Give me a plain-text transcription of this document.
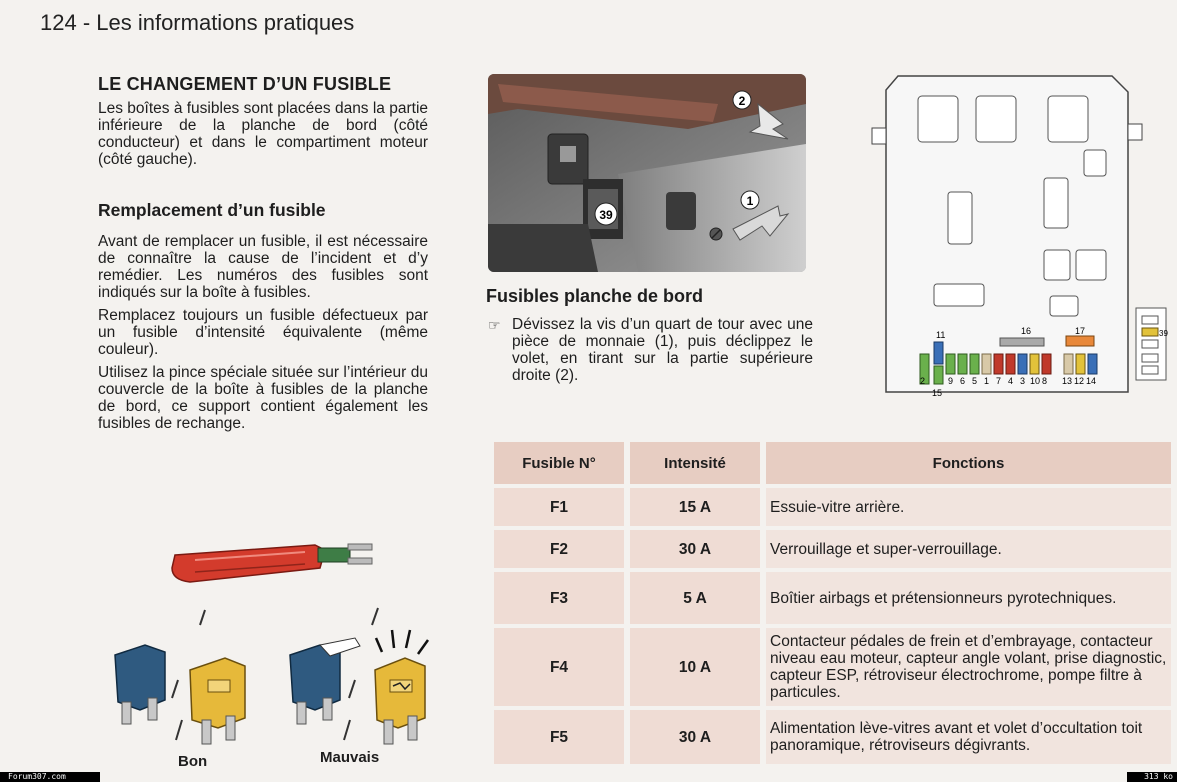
124 - Les informations pratiques
LE CHANGEMENT D’UN FUSIBLE

Les boîtes à fusibles sont placées dans la partie inférieure de la planche de bord (côté conducteur) et dans le compartiment moteur (côté gauche).

Remplacement d’un fusible

Avant de remplacer un fusible, il est nécessaire de connaître la cause de l’incident et d’y remédier. Les numéros des fusibles sont indiqués sur la boîte à fusibles.

Remplacez toujours un fusible défectueux par un fusible d’intensité équivalente (même couleur).

Utilisez la pince spéciale située sur l’intérieur du couvercle de la boîte à fusibles de la planche de bord, ce support contient également les fusibles de rechange.

Bon	Mauvais
2
1
39
Fusibles planche de bord
☞ Dévissez la vis d’un quart de tour avec une pièce de monnaie (1), puis déclippez le volet, en tirant sur la partie supérieure droite (2).
11	16	17
2	9 6 5 1 7 4 3 10 8 13 12 14
15
39
Fusible N°	Intensité	Fonctions
F1	15 A	Essuie-vitre arrière.
F2	30 A	Verrouillage et super-verrouillage.
F3	5 A	Boîtier airbags et prétensionneurs pyrotechniques.
F4	10 A	Contacteur pédales de frein et d’embrayage, contacteur niveau eau moteur, capteur angle volant, prise diagnostic, capteur ESP, rétroviseur électrochrome, pompe filtre à particules.
F5	30 A	Alimentation lève-vitres avant et volet d’occultation toit panoramique, rétroviseurs dégivrants.
Forum307.com	313 ko
